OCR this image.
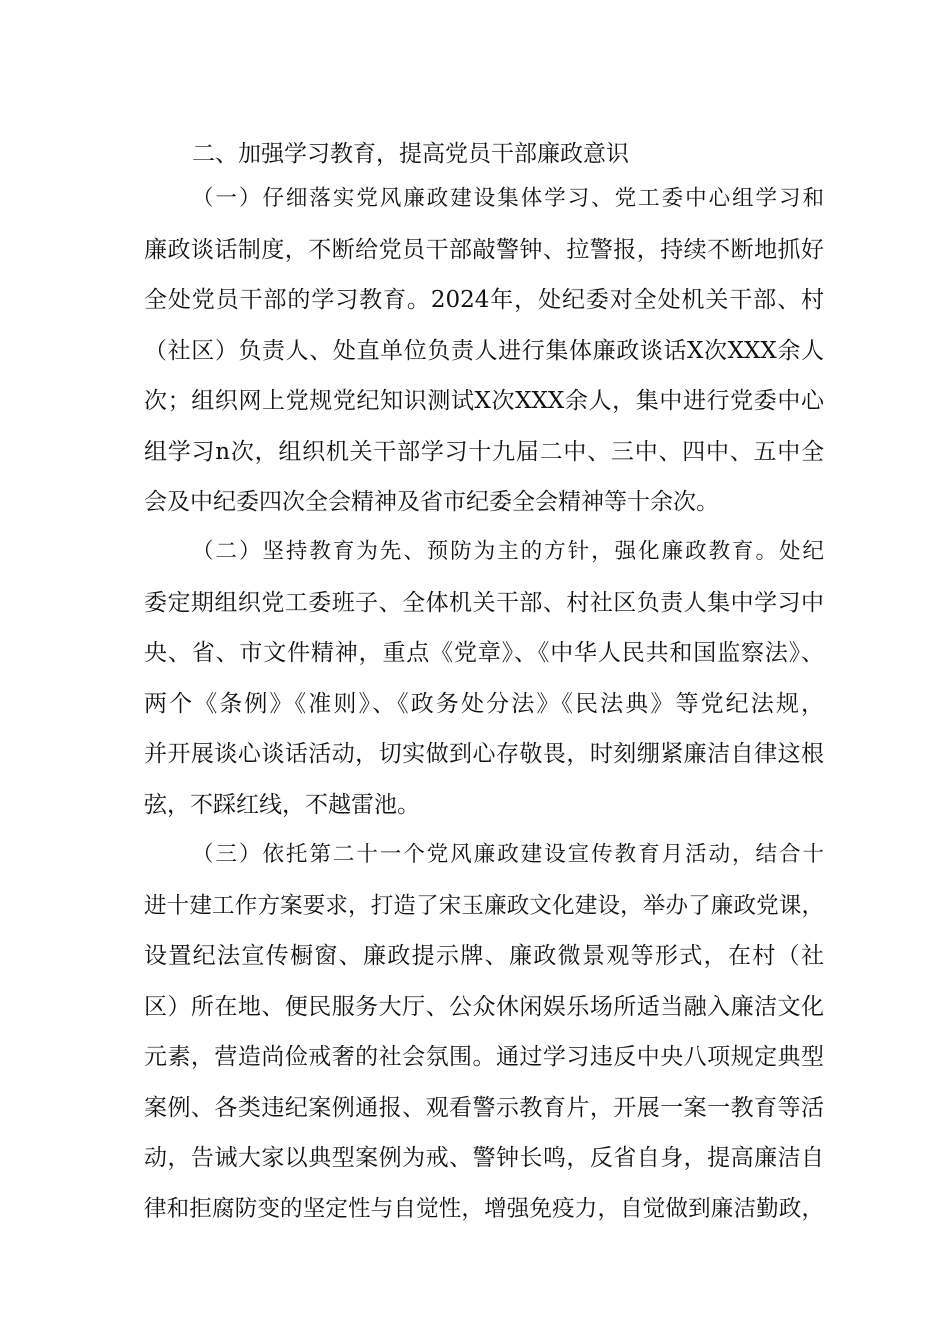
二、加强学习教育，提高党员干部廉政意识
（一）仔细落实党风廉政建设集体学习、党工委中心组学习和
廉政谈话制度，不断给党员干部敲警钟、拉警报，持续不断地抓好
全处党员干部的学习教育。2024年，处纪委对全处机关干部、村
（社区）负责人、处直单位负责人进行集体廉政谈话X次XXX余人
次；组织网上党规党纪知识测试X次XXX余人，集中进行党委中心
组学习n次，组织机关干部学习十九届二中、三中、四中、五中全
会及中纪委四次全会精神及省市纪委全会精神等十余次。
（二）坚持教育为先、预防为主的方针，强化廉政教育。处纪
委定期组织党工委班子、全体机关干部、村社区负责人集中学习中
央、省、市文件精神，重点《党章》、《中华人民共和国监察法》、
两个《条例》《准则》、《政务处分法》《民法典》等党纪法规，
并开展谈心谈话活动，切实做到心存敬畏，时刻绷紧廉洁自律这根
弦，不踩红线，不越雷池。
（三）依托第二十一个党风廉政建设宣传教育月活动，结合十
进十建工作方案要求，打造了宋玉廉政文化建设，举办了廉政党课，
设置纪法宣传橱窗、廉政提示牌、廉政微景观等形式，在村（社
区）所在地、便民服务大厅、公众休闲娱乐场所适当融入廉洁文化
元素，营造尚俭戒奢的社会氛围。通过学习违反中央八项规定典型
案例、各类违纪案例通报、观看警示教育片，开展一案一教育等活
动，告诫大家以典型案例为戒、警钟长鸣，反省自身，提高廉洁自
律和拒腐防变的坚定性与自觉性，增强免疫力，自觉做到廉洁勤政，
